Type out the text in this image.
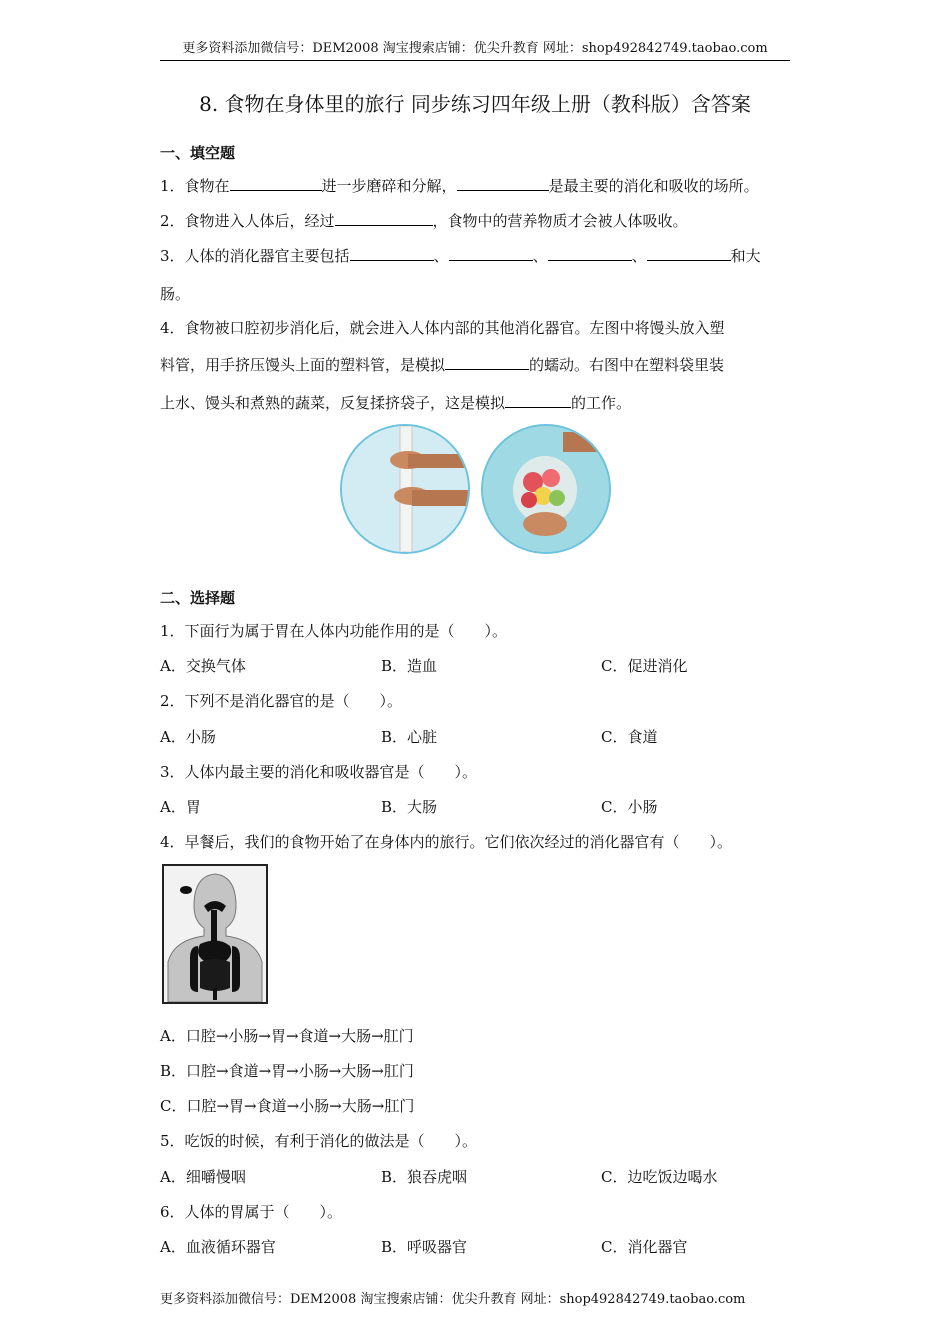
更多资料添加微信号：DEM2008 淘宝搜索店铺：优尖升教育 网址：shop492842749.taobao.com
8. 食物在身体里的旅行 同步练习四年级上册（教科版）含答案
一、填空题
1．食物在	进一步磨碎和分解，	是最主要的消化和吸收的场所。
2．食物进入人体后，经过	，食物中的营养物质才会被人体吸收。
3．人体的消化器官主要包括	、	、	、	和大
肠。
4．食物被口腔初步消化后，就会进入人体内部的其他消化器官。左图中将馒头放入塑
料管，用手挤压馒头上面的塑料管，是模拟	的蠕动。右图中在塑料袋里装
上水、馒头和煮熟的蔬菜，反复揉挤袋子，这是模拟	的工作。
二、选择题
1．下面行为属于胃在人体内功能作用的是（　　）。
A．交换气体	B．造血	C．促进消化
2．下列不是消化器官的是（　　）。
A．小肠	B．心脏	C．食道
3．人体内最主要的消化和吸收器官是（　　）。
A．胃	B．大肠	C．小肠
4．早餐后，我们的食物开始了在身体内的旅行。它们依次经过的消化器官有（　　）。
A．口腔→小肠→胃→食道→大肠→肛门
B．口腔→食道→胃→小肠→大肠→肛门
C．口腔→胃→食道→小肠→大肠→肛门
5．吃饭的时候，有利于消化的做法是（　　）。
A．细嚼慢咽	B．狼吞虎咽	C．边吃饭边喝水
6．人体的胃属于（　　）。
A．血液循环器官	B．呼吸器官	C．消化器官
更多资料添加微信号：DEM2008 淘宝搜索店铺：优尖升教育 网址：shop492842749.taobao.com
